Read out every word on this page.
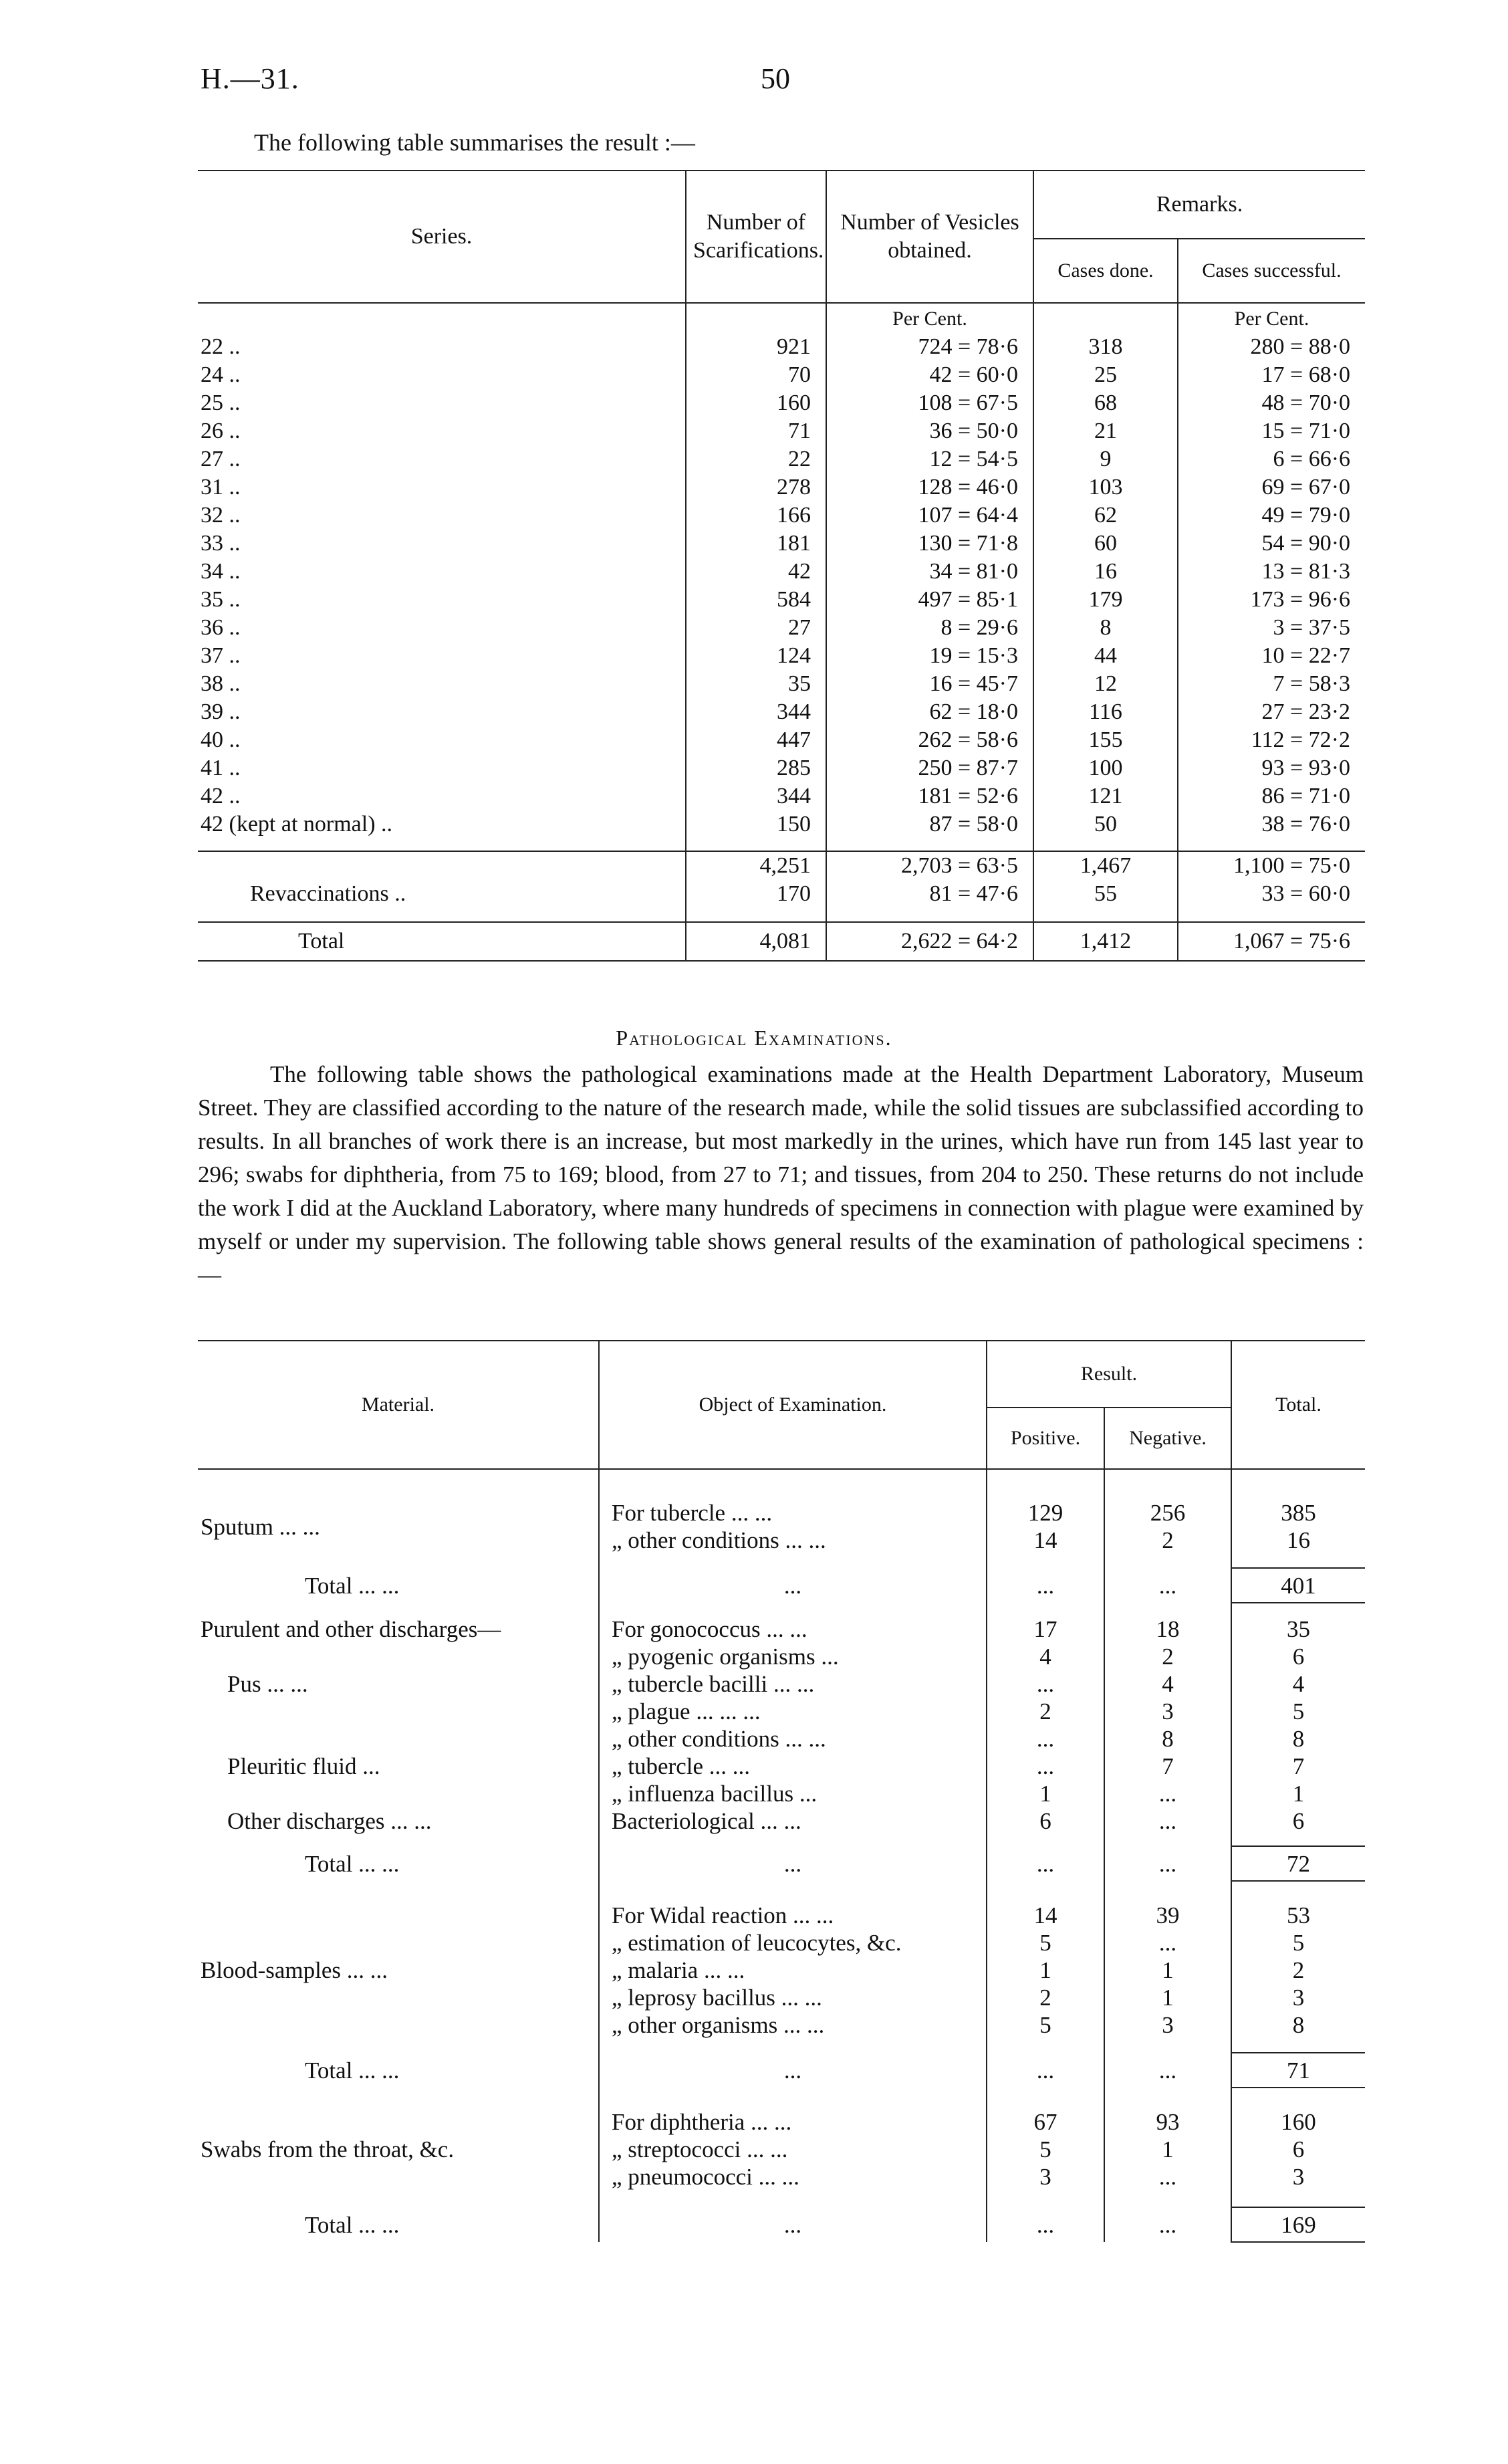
H.—31.	50
The following table summarises the result :—
Series.	Number of Scarifications.	Number of Vesicles obtained.	Remarks.	
			Cases done.	Cases successful.
		Per Cent.		Per Cent.
22 ..	921	724 = 78·6	318	280 = 88·0
24 ..	70	42 = 60·0	25	17 = 68·0
25 ..	160	108 = 67·5	68	48 = 70·0
26 ..	71	36 = 50·0	21	15 = 71·0
27 ..	22	12 = 54·5	9	6 = 66·6
31 ..	278	128 = 46·0	103	69 = 67·0
32 ..	166	107 = 64·4	62	49 = 79·0
33 ..	181	130 = 71·8	60	54 = 90·0
34 ..	42	34 = 81·0	16	13 = 81·3
35 ..	584	497 = 85·1	179	173 = 96·6
36 ..	27	8 = 29·6	8	3 = 37·5
37 ..	124	19 = 15·3	44	10 = 22·7
38 ..	35	16 = 45·7	12	7 = 58·3
39 ..	344	62 = 18·0	116	27 = 23·2
40 ..	447	262 = 58·6	155	112 = 72·2
41 ..	285	250 = 87·7	100	93 = 93·0
42 ..	344	181 = 52·6	121	86 = 71·0
42 (kept at normal) ..	150	87 = 58·0	50	38 = 76·0

	4,251	2,703 = 63·5	1,467	1,100 = 75·0
Revaccinations ..	170	81 = 47·6	55	33 = 60·0

Total	4,081	2,622 = 64·2	1,412	1,067 = 75·6
Pathological Examinations.
The following table shows the pathological examinations made at the Health Department Laboratory, Museum Street. They are classified according to the nature of the research made, while the solid tissues are subclassified according to results. In all branches of work there is an increase, but most markedly in the urines, which have run from 145 last year to 296; swabs for diphtheria, from 75 to 169; blood, from 27 to 71; and tissues, from 204 to 250. These returns do not include the work I did at the Auckland Laboratory, where many hundreds of specimens in connection with plague were examined by myself or under my supervision. The following table shows general results of the examination of pathological specimens :—
Material.	Object of Examination.	Result.		Total.
		Positive.	Negative.	

Sputum ... ...	For tubercle ... ...	129	256	385
	„ other conditions ... ...	14	2	16

Total ... ...	...	...	...	401

Purulent and other discharges—	For gonococcus ... ...	17	18	35
	„ pyogenic organisms ...	4	2	6
Pus ... ...	„ tubercle bacilli ... ...	...	4	4
	„ plague ... ... ...	2	3	5
	„ other conditions ... ...	...	8	8
Pleuritic fluid ...	„ tubercle ... ...	...	7	7
	„ influenza bacillus ...	1	...	1
Other discharges ... ...	Bacteriological ... ...	6	...	6

Total ... ...	...	...	...	72

	For Widal reaction ... ...	14	39	53
	„ estimation of leucocytes, &c.	5	...	5
Blood-samples ... ...	„ malaria ... ...	1	1	2
	„ leprosy bacillus ... ...	2	1	3
	„ other organisms ... ...	5	3	8

Total ... ...	...	...	...	71

	For diphtheria ... ...	67	93	160
Swabs from the throat, &c.	„ streptococci ... ...	5	1	6
	„ pneumococci ... ...	3	...	3

Total ... ...	...	...	...	169
